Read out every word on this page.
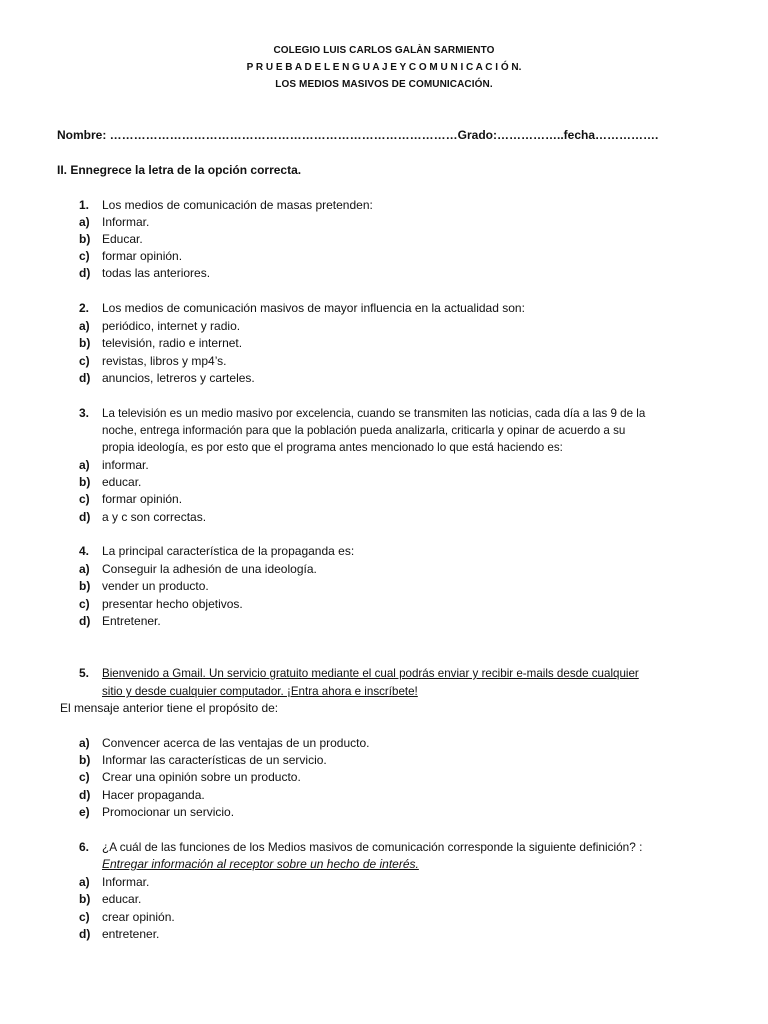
COLEGIO LUIS CARLOS GALÀN SARMIENTO
P R U E B A D E L E N G U A J E Y C O M U N I C A C I Ó N.
LOS MEDIOS MASIVOS DE COMUNICACIÓN.
Nombre: ……………………………………………………………………………Grado:……………..fecha…………….
II. Ennegrece la letra de la opción correcta.
1. Los medios de comunicación de masas pretenden:
a) Informar.
b) Educar.
c) formar opinión.
d) todas las anteriores.
2. Los medios de comunicación masivos de mayor influencia en la actualidad son:
a) periódico, internet y radio.
b) televisión, radio e internet.
c) revistas, libros y mp4’s.
d) anuncios, letreros y carteles.
3. La televisión es un medio masivo por excelencia, cuando se transmiten las noticias, cada día a las 9 de la
noche, entrega información para que la población pueda analizarla, criticarla y opinar de acuerdo a su
propia ideología, es por esto que el programa antes mencionado lo que está haciendo es:
a) informar.
b) educar.
c) formar opinión.
d) a y c son correctas.
4. La principal característica de la propaganda es:
a) Conseguir la adhesión de una ideología.
b) vender un producto.
c) presentar hecho objetivos.
d) Entretener.
5. Bienvenido a Gmail. Un servicio gratuito mediante el cual podrás enviar y recibir e-mails desde cualquier
sitio y desde cualquier computador. ¡Entra ahora e inscríbete!
El mensaje anterior tiene el propósito de:
a) Convencer acerca de las ventajas de un producto.
b) Informar las características de un servicio.
c) Crear una opinión sobre un producto.
d) Hacer propaganda.
e) Promocionar un servicio.
6. ¿A cuál de las funciones de los Medios masivos de comunicación corresponde la siguiente definición? :
Entregar información al receptor sobre un hecho de interés.
a) Informar.
b) educar.
c) crear opinión.
d) entretener.
